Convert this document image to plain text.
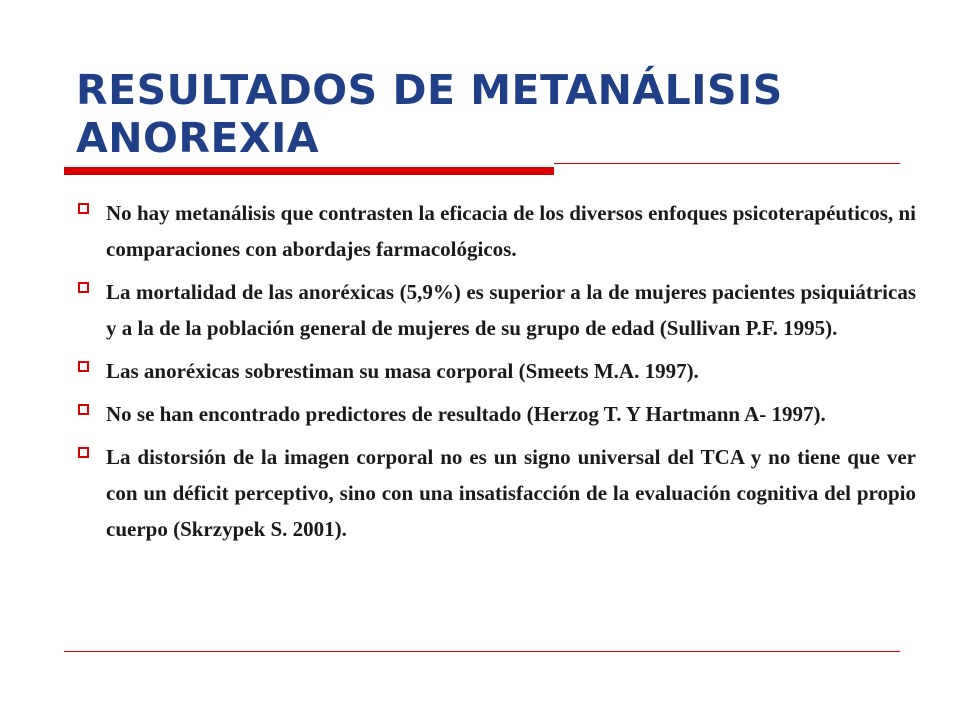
RESULTADOS DE METANÁLISIS ANOREXIA
No hay metanálisis que contrasten la eficacia de los diversos enfoques psicoterapéuticos, ni comparaciones con abordajes farmacológicos.
La mortalidad de las anoréxicas (5,9%) es superior a la de mujeres pacientes psiquiátricas y a la de la población general de mujeres de su grupo de edad (Sullivan P.F. 1995).
Las anoréxicas sobrestiman su masa corporal (Smeets M.A. 1997).
No se han encontrado predictores de resultado (Herzog T. Y Hartmann A- 1997).
La distorsión de la imagen corporal no es un signo universal del TCA y no tiene que ver con un déficit perceptivo, sino con una insatisfacción de la evaluación cognitiva del propio cuerpo (Skrzypek S. 2001).
